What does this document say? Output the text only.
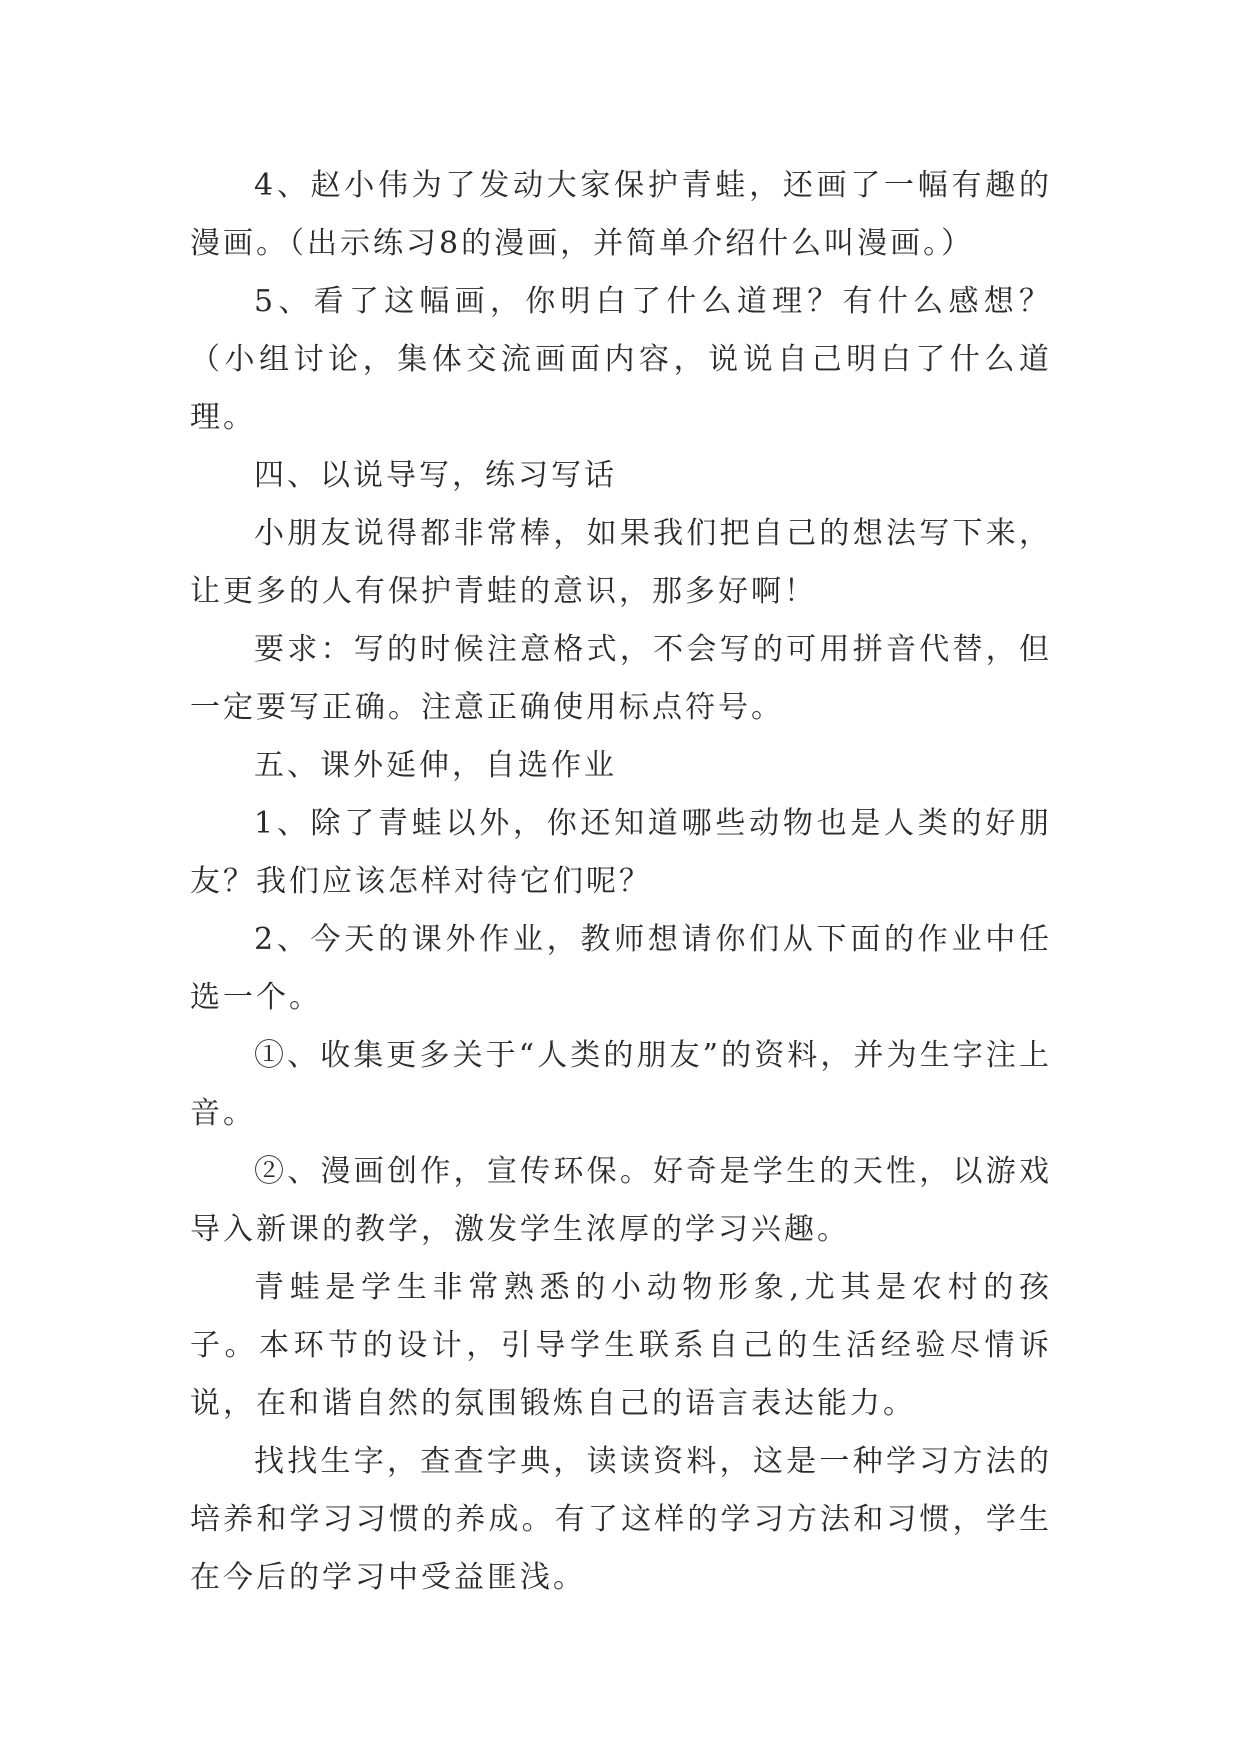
4、赵小伟为了发动大家保护青蛙，还画了一幅有趣的漫画。（出示练习8的漫画，并简单介绍什么叫漫画。）

5、看了这幅画，你明白了什么道理？有什么感想？（小组讨论，集体交流画面内容，说说自己明白了什么道理。

四、以说导写，练习写话

小朋友说得都非常棒，如果我们把自己的想法写下来，让更多的人有保护青蛙的意识，那多好啊！

要求：写的时候注意格式，不会写的可用拼音代替，但一定要写正确。注意正确使用标点符号。

五、课外延伸，自选作业

1、除了青蛙以外，你还知道哪些动物也是人类的好朋友？我们应该怎样对待它们呢？

2、今天的课外作业，教师想请你们从下面的作业中任选一个。

①、收集更多关于“人类的朋友”的资料，并为生字注上音。

②、漫画创作，宣传环保。好奇是学生的天性，以游戏导入新课的教学，激发学生浓厚的学习兴趣。

青蛙是学生非常熟悉的小动物形象,尤其是农村的孩子。本环节的设计，引导学生联系自己的生活经验尽情诉说，在和谐自然的氛围锻炼自己的语言表达能力。

找找生字，查查字典，读读资料，这是一种学习方法的培养和学习习惯的养成。有了这样的学习方法和习惯，学生在今后的学习中受益匪浅。
